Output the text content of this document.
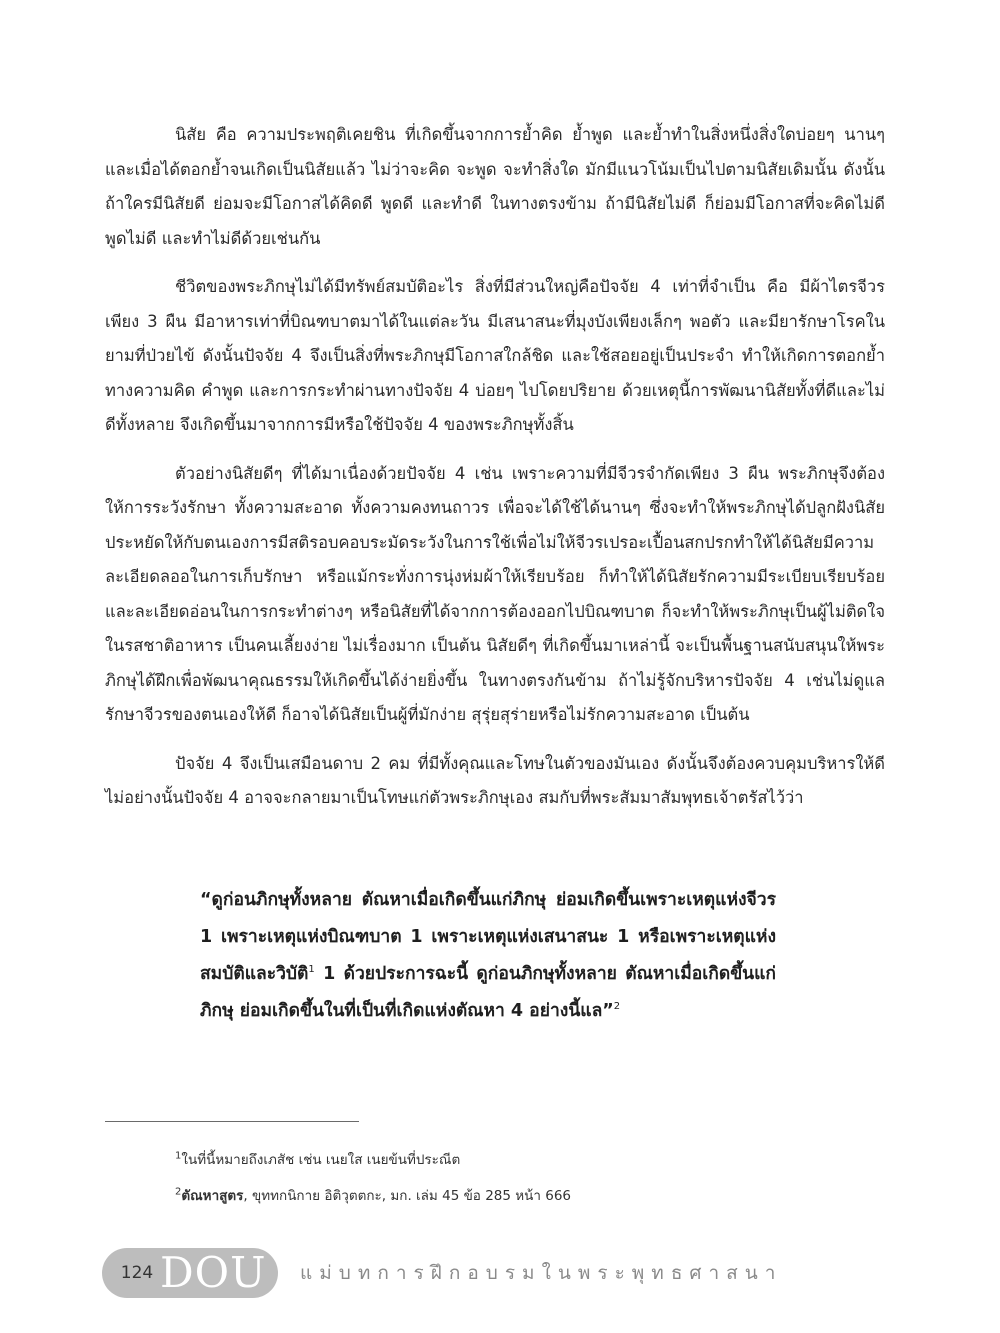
นิสัย คือ ความประพฤติเคยชิน ที่เกิดขึ้นจากการย้ำคิด ย้ำพูด และย้ำทำในสิ่งหนึ่งสิ่งใดบ่อยๆ นานๆ และเมื่อได้ตอกย้ำจนเกิดเป็นนิสัยแล้ว ไม่ว่าจะคิด จะพูด จะทำสิ่งใด มักมีแนวโน้มเป็นไปตามนิสัยเดิมนั้น ดังนั้นถ้าใครมีนิสัยดี ย่อมจะมีโอกาสได้คิดดี พูดดี และทำดี ในทางตรงข้าม ถ้ามีนิสัยไม่ดี ก็ย่อมมีโอกาสที่จะคิดไม่ดี พูดไม่ดี และทำไม่ดีด้วยเช่นกัน

ชีวิตของพระภิกษุไม่ได้มีทรัพย์สมบัติอะไร สิ่งที่มีส่วนใหญ่คือปัจจัย 4 เท่าที่จำเป็น คือ มีผ้าไตรจีวรเพียง 3 ผืน มีอาหารเท่าที่บิณฑบาตมาได้ในแต่ละวัน มีเสนาสนะที่มุงบังเพียงเล็กๆ พอตัว และมียารักษาโรคในยามที่ป่วยไข้ ดังนั้นปัจจัย 4 จึงเป็นสิ่งที่พระภิกษุมีโอกาสใกล้ชิด และใช้สอยอยู่เป็นประจำ ทำให้เกิดการตอกย้ำทางความคิด คำพูด และการกระทำผ่านทางปัจจัย 4 บ่อยๆ ไปโดยปริยาย ด้วยเหตุนี้การพัฒนานิสัยทั้งที่ดีและไม่ดีทั้งหลาย จึงเกิดขึ้นมาจากการมีหรือใช้ปัจจัย 4 ของพระภิกษุทั้งสิ้น

ตัวอย่างนิสัยดีๆ ที่ได้มาเนื่องด้วยปัจจัย 4 เช่น เพราะความที่มีจีวรจำกัดเพียง 3 ผืน พระภิกษุจึงต้องให้การระวังรักษา ทั้งความสะอาด ทั้งความคงทนถาวร เพื่อจะได้ใช้ได้นานๆ ซึ่งจะทำให้พระภิกษุได้ปลูกฝังนิสัยประหยัดให้กับตนเองการมีสติรอบคอบระมัดระวังในการใช้เพื่อไม่ให้จีวรเปรอะเปื้อนสกปรกทำให้ได้นิสัยมีความละเอียดลออในการเก็บรักษา หรือแม้กระทั่งการนุ่งห่มผ้าให้เรียบร้อย ก็ทำให้ได้นิสัยรักความมีระเบียบเรียบร้อย และละเอียดอ่อนในการกระทำต่างๆ หรือนิสัยที่ได้จากการต้องออกไปบิณฑบาต ก็จะทำให้พระภิกษุเป็นผู้ไม่ติดใจในรสชาติอาหาร เป็นคนเลี้ยงง่าย ไม่เรื่องมาก เป็นต้น นิสัยดีๆ ที่เกิดขึ้นมาเหล่านี้ จะเป็นพื้นฐานสนับสนุนให้พระภิกษุได้ฝึกเพื่อพัฒนาคุณธรรมให้เกิดขึ้นได้ง่ายยิ่งขึ้น ในทางตรงกันข้าม ถ้าไม่รู้จักบริหารปัจจัย 4 เช่นไม่ดูแลรักษาจีวรของตนเองให้ดี ก็อาจได้นิสัยเป็นผู้ที่มักง่าย สุรุ่ยสุร่ายหรือไม่รักความสะอาด เป็นต้น

ปัจจัย 4 จึงเป็นเสมือนดาบ 2 คม ที่มีทั้งคุณและโทษในตัวของมันเอง ดังนั้นจึงต้องควบคุมบริหารให้ดี ไม่อย่างนั้นปัจจัย 4 อาจจะกลายมาเป็นโทษแก่ตัวพระภิกษุเอง สมกับที่พระสัมมาสัมพุทธเจ้าตรัสไว้ว่า

“ดูก่อนภิกษุทั้งหลาย ตัณหาเมื่อเกิดขึ้นแก่ภิกษุ ย่อมเกิดขึ้นเพราะเหตุแห่งจีวร 1 เพราะเหตุแห่งบิณฑบาต 1 เพราะเหตุแห่งเสนาสนะ 1 หรือเพราะเหตุแห่งสมบัติและวิบัติ$^1$ 1 ด้วยประการฉะนี้ ดูก่อนภิกษุทั้งหลาย ตัณหาเมื่อเกิดขึ้นแก่ภิกษุ ย่อมเกิดขึ้นในที่เป็นที่เกิดแห่งตัณหา 4 อย่างนี้แล”$^2$
$^1$ในที่นี้หมายถึงเภสัช เช่น เนยใส เนยข้นที่ประณีต
$^2$ตัณหาสูตร, ขุททกนิกาย อิติวุตตกะ, มก. เล่ม 45 ข้อ 285 หน้า 666
124 DOU แม่บทการฝึกอบรมในพระพุทธศาสนา
